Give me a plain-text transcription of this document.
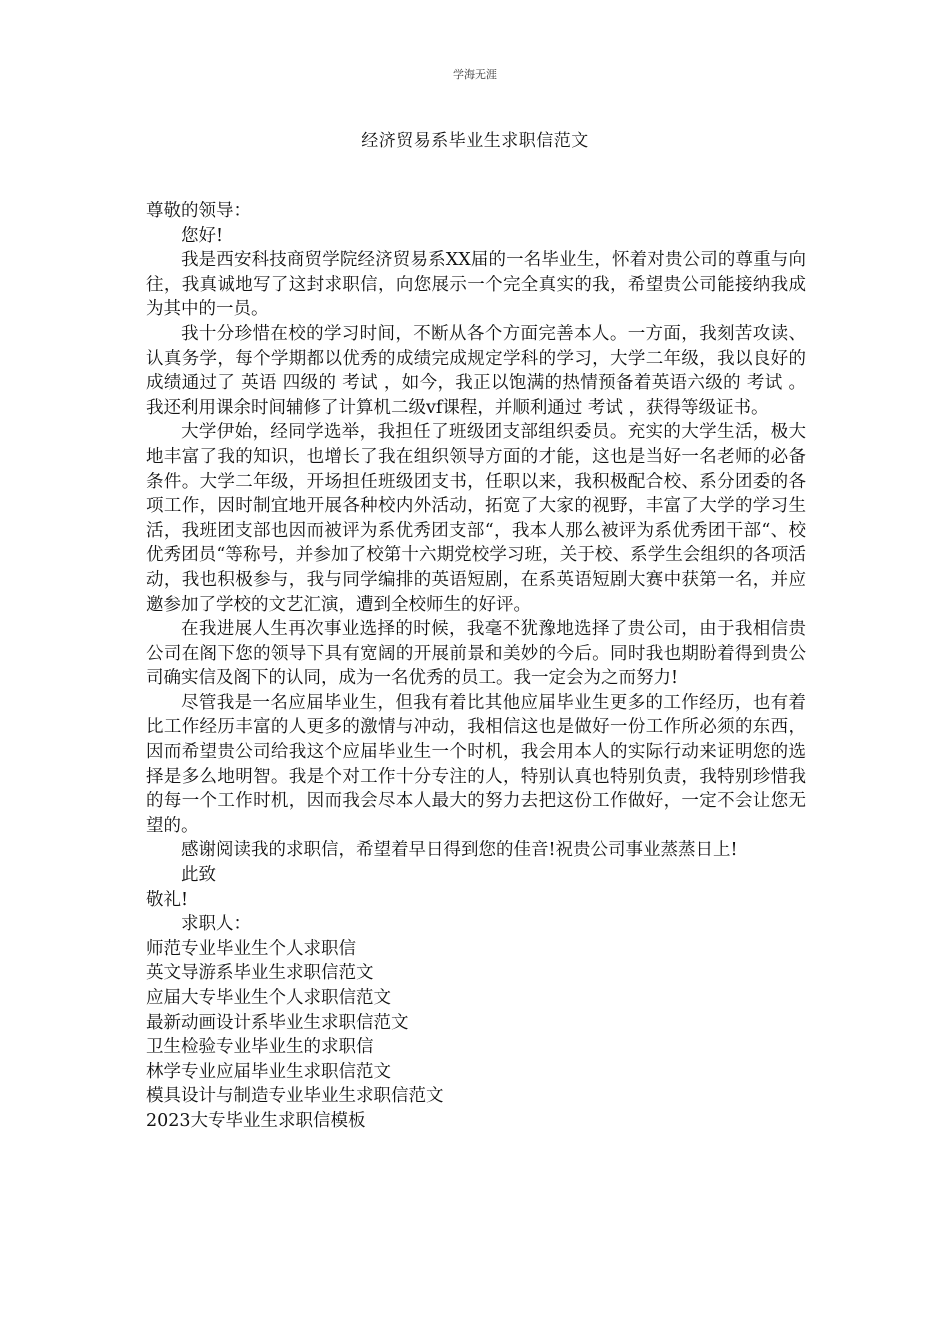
学海无涯
经济贸易系毕业生求职信范文
尊敬的领导：
您好!
我是西安科技商贸学院经济贸易系XX届的一名毕业生，怀着对贵公司的尊重与向往，我真诚地写了这封求职信，向您展示一个完全真实的我，希望贵公司能接纳我成为其中的一员。
我十分珍惜在校的学习时间，不断从各个方面完善本人。一方面，我刻苦攻读、认真务学，每个学期都以优秀的成绩完成规定学科的学习，大学二年级，我以良好的成绩通过了 英语 四级的 考试 ，如今，我正以饱满的热情预备着英语六级的 考试 。我还利用课余时间辅修了计算机二级vf课程，并顺利通过 考试 ，获得等级证书。
大学伊始，经同学选举，我担任了班级团支部组织委员。充实的大学生活，极大地丰富了我的知识，也增长了我在组织领导方面的才能，这也是当好一名老师的必备条件。大学二年级，开场担任班级团支书，任职以来，我积极配合校、系分团委的各项工作，因时制宜地开展各种校内外活动，拓宽了大家的视野，丰富了大学的学习生活，我班团支部也因而被评为系优秀团支部“，我本人那么被评为系优秀团干部“、校优秀团员“等称号，并参加了校第十六期党校学习班，关于校、系学生会组织的各项活动，我也积极参与，我与同学编排的英语短剧，在系英语短剧大赛中获第一名，并应邀参加了学校的文艺汇演，遭到全校师生的好评。
在我进展人生再次事业选择的时候，我毫不犹豫地选择了贵公司，由于我相信贵公司在阁下您的领导下具有宽阔的开展前景和美妙的今后。同时我也期盼着得到贵公司确实信及阁下的认同，成为一名优秀的员工。我一定会为之而努力!
尽管我是一名应届毕业生，但我有着比其他应届毕业生更多的工作经历，也有着比工作经历丰富的人更多的激情与冲动，我相信这也是做好一份工作所必须的东西，因而希望贵公司给我这个应届毕业生一个时机，我会用本人的实际行动来证明您的选择是多么地明智。我是个对工作十分专注的人，特别认真也特别负责，我特别珍惜我的每一个工作时机，因而我会尽本人最大的努力去把这份工作做好，一定不会让您无望的。
感谢阅读我的求职信，希望着早日得到您的佳音!祝贵公司事业蒸蒸日上!
此致
敬礼!
求职人：
师范专业毕业生个人求职信
英文导游系毕业生求职信范文
应届大专毕业生个人求职信范文
最新动画设计系毕业生求职信范文
卫生检验专业毕业生的求职信
林学专业应届毕业生求职信范文
模具设计与制造专业毕业生求职信范文
2023大专毕业生求职信模板
